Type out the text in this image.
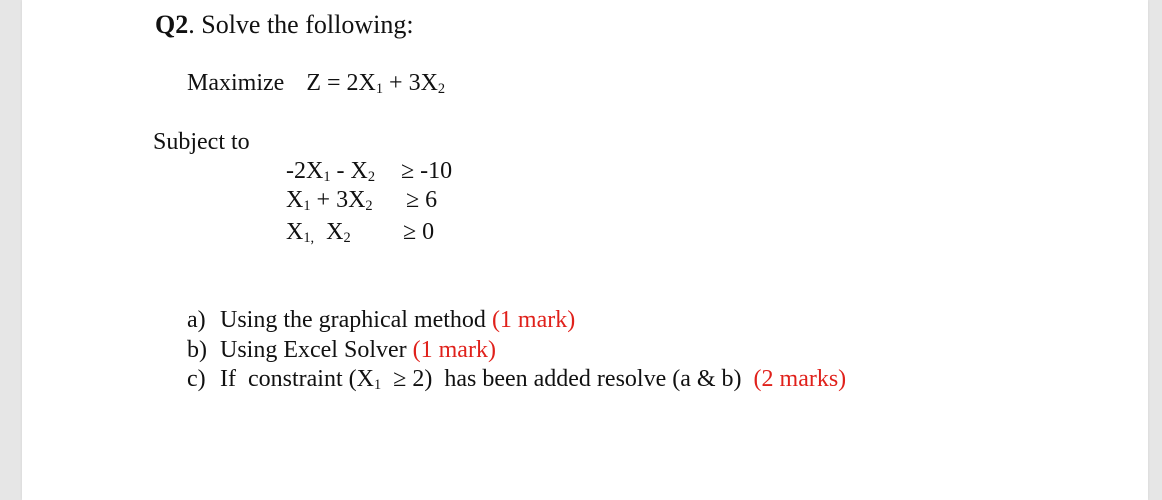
Q2. Solve the following:
Maximize $Z = 2X_1 + 3X_2$
Subject to
$-2X_1 - X_2 \ge -10$
$X_1 + 3X_2 \ge 6$
$X_{1,}$  $X_2 \ge 0$
a) Using the graphical method (1 mark)
b) Using Excel Solver (1 mark)
c) If  constraint $(X_1 \ge 2)$  has been added resolve (a & b)  (2 marks)
